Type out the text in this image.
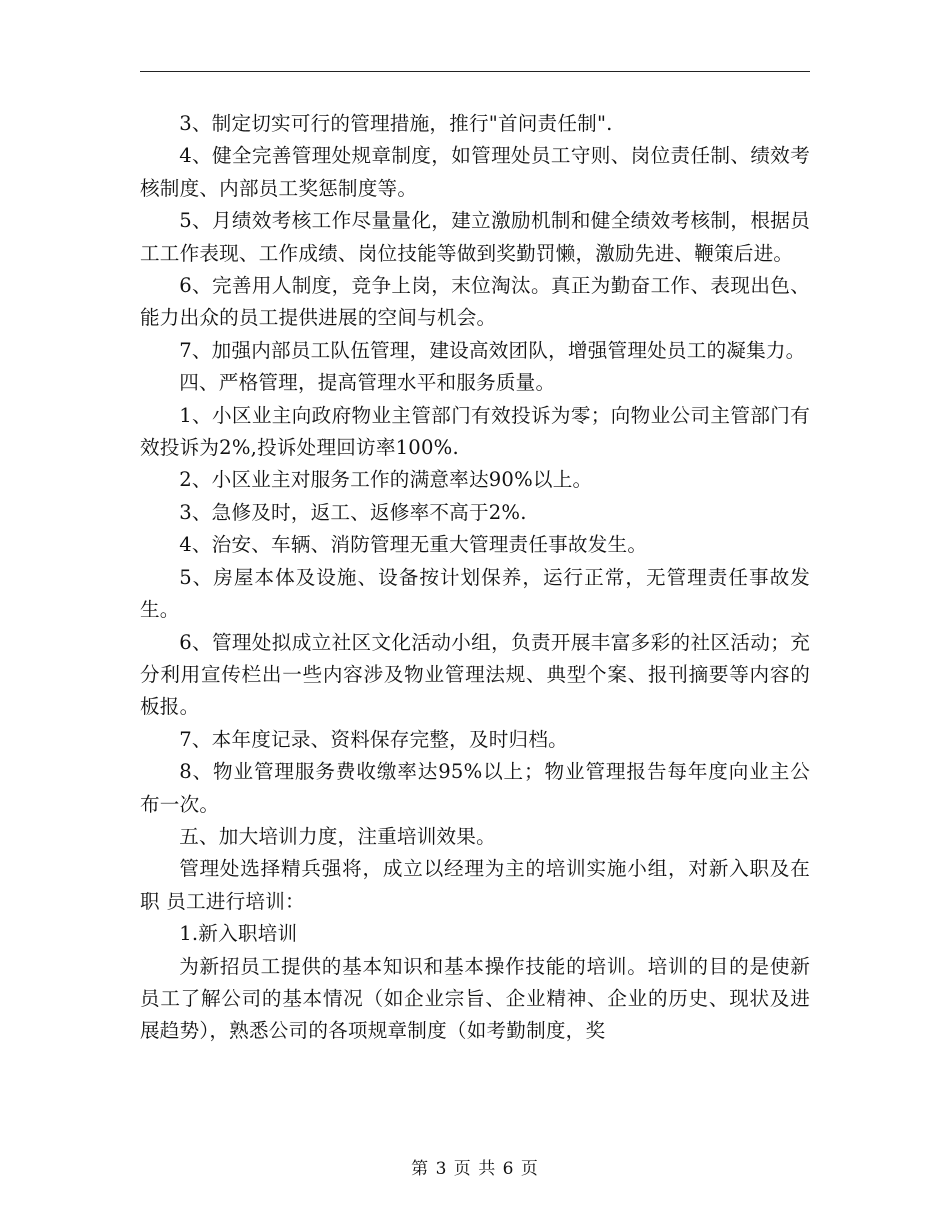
3、制定切实可行的管理措施，推行"首问责任制".

4、健全完善管理处规章制度，如管理处员工守则、岗位责任制、绩效考核制度、内部员工奖惩制度等。

5、月绩效考核工作尽量量化，建立激励机制和健全绩效考核制，根据员工工作表现、工作成绩、岗位技能等做到奖勤罚懒，激励先进、鞭策后进。

6、完善用人制度，竞争上岗，末位淘汰。真正为勤奋工作、表现出色、能力出众的员工提供进展的空间与机会。

7、加强内部员工队伍管理，建设高效团队，增强管理处员工的凝集力。

四、严格管理，提高管理水平和服务质量。

1、小区业主向政府物业主管部门有效投诉为零；向物业公司主管部门有效投诉为2%,投诉处理回访率100%.

2、小区业主对服务工作的满意率达90%以上。

3、急修及时，返工、返修率不高于2%.

4、治安、车辆、消防管理无重大管理责任事故发生。

5、房屋本体及设施、设备按计划保养，运行正常，无管理责任事故发生。

6、管理处拟成立社区文化活动小组，负责开展丰富多彩的社区活动；充分利用宣传栏出一些内容涉及物业管理法规、典型个案、报刊摘要等内容的板报。

7、本年度记录、资料保存完整，及时归档。

8、物业管理服务费收缴率达95%以上；物业管理报告每年度向业主公布一次。

五、加大培训力度，注重培训效果。

管理处选择精兵强将，成立以经理为主的培训实施小组，对新入职及在职 员工进行培训：

1.新入职培训

为新招员工提供的基本知识和基本操作技能的培训。培训的目的是使新员工了解公司的基本情况（如企业宗旨、企业精神、企业的历史、现状及进展趋势），熟悉公司的各项规章制度（如考勤制度，奖

第 3 页 共 6 页
